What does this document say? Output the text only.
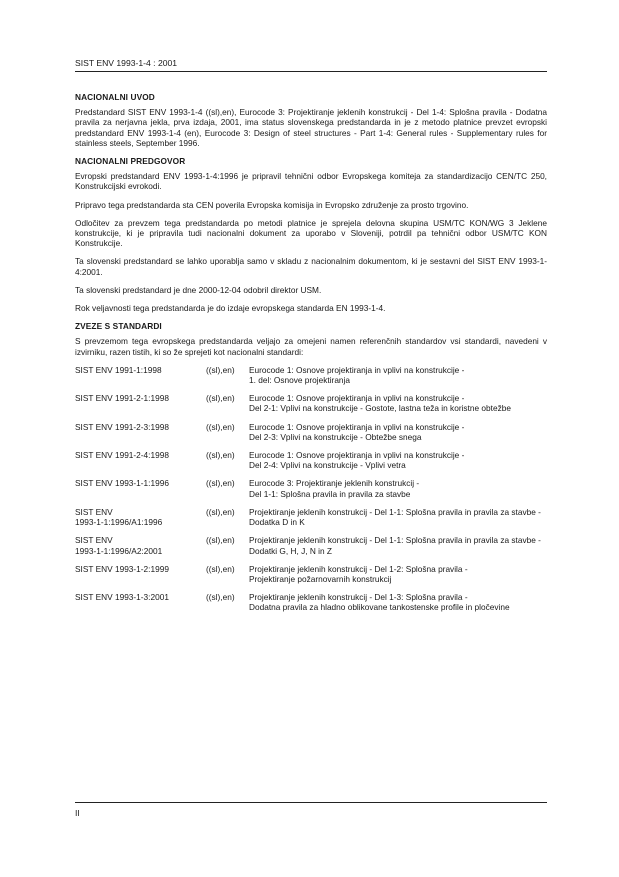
SIST ENV 1993-1-4 : 2001
NACIONALNI UVOD

Predstandard SIST ENV 1993-1-4 ((sl),en), Eurocode 3: Projektiranje jeklenih konstrukcij - Del 1-4: Splošna pravila - Dodatna pravila za nerjavna jekla, prva izdaja, 2001, ima status slovenskega predstandarda in je z metodo platnice prevzet evropski predstandard ENV 1993-1-4 (en), Eurocode 3: Design of steel structures - Part 1-4: General rules - Supplementary rules for stainless steels, September 1996.

NACIONALNI PREDGOVOR

Evropski predstandard ENV 1993-1-4:1996 je pripravil tehnični odbor Evropskega komiteja za standardizacijo CEN/TC 250, Konstrukcijski evrokodi.

Pripravo tega predstandarda sta CEN poverila Evropska komisija in Evropsko združenje za prosto trgovino.

Odločitev za prevzem tega predstandarda po metodi platnice je sprejela delovna skupina USM/TC KON/WG 3 Jeklene konstrukcije, ki je pripravila tudi nacionalni dokument za uporabo v Sloveniji, potrdil pa tehnični odbor USM/TC KON Konstrukcije.

Ta slovenski predstandard se lahko uporablja samo v skladu z nacionalnim dokumentom, ki je sestavni del SIST ENV 1993-1-4:2001.

Ta slovenski predstandard je dne 2000-12-04 odobril direktor USM.

Rok veljavnosti tega predstandarda je do izdaje evropskega standarda EN 1993-1-4.

ZVEZE S STANDARDI

S prevzemom tega evropskega predstandarda veljajo za omejeni namen referenčnih standardov vsi standardi, navedeni v izvirniku, razen tistih, ki so že sprejeti kot nacionalni standardi:

SIST ENV 1991-1:1998	((sl),en)	Eurocode 1: Osnove projektiranja in vplivi na konstrukcije -
1. del: Osnove projektiranja
SIST ENV 1991-2-1:1998	((sl),en)	Eurocode 1: Osnove projektiranja in vplivi na konstrukcije -
Del 2-1: Vplivi na konstrukcije - Gostote, lastna teža in koristne obtežbe
SIST ENV 1991-2-3:1998	((sl),en)	Eurocode 1: Osnove projektiranja in vplivi na konstrukcije -
Del 2-3: Vplivi na konstrukcije - Obtežbe snega
SIST ENV 1991-2-4:1998	((sl),en)	Eurocode 1: Osnove projektiranja in vplivi na konstrukcije -
Del 2-4: Vplivi na konstrukcije - Vplivi vetra
SIST ENV 1993-1-1:1996	((sl),en)	Eurocode 3: Projektiranje jeklenih konstrukcij -
Del 1-1: Splošna pravila in pravila za stavbe
SIST ENV
1993-1-1:1996/A1:1996
((sl),en)	Projektiranje jeklenih konstrukcij - Del 1-1: Splošna pravila in pravila za stavbe - Dodatka D in K
SIST ENV
1993-1-1:1996/A2:2001
((sl),en)	Projektiranje jeklenih konstrukcij - Del 1-1: Splošna pravila in pravila za stavbe - Dodatki G, H, J, N in Z
SIST ENV 1993-1-2:1999	((sl),en)	Projektiranje jeklenih konstrukcij - Del 1-2: Splošna pravila -
Projektiranje požarnovarnih konstrukcij
SIST ENV 1993-1-3:2001	((sl),en)	Projektiranje jeklenih konstrukcij - Del 1-3: Splošna pravila -
Dodatna pravila za hladno oblikovane tankostenske profile in pločevine
II
